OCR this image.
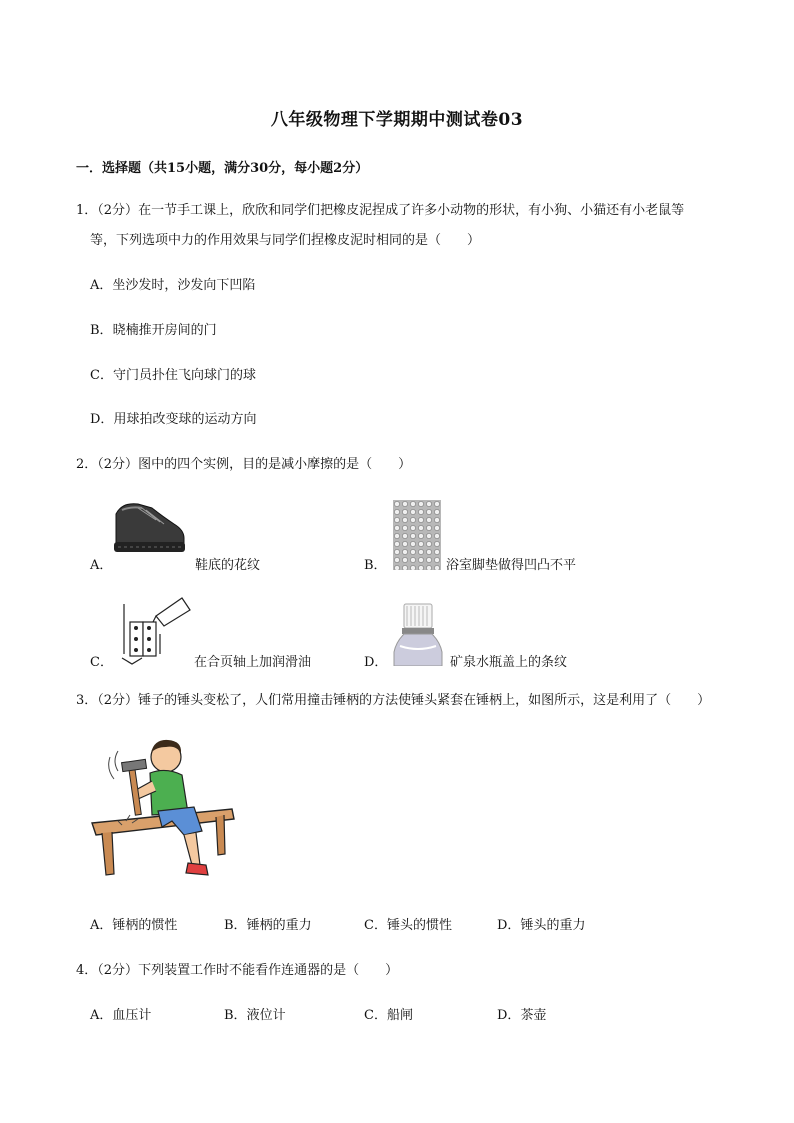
八年级物理下学期期中测试卷03
一．选择题（共15小题，满分30分，每小题2分）
1．（2分）在一节手工课上，欣欣和同学们把橡皮泥捏成了许多小动物的形状，有小狗、小猫还有小老鼠等
等，下列选项中力的作用效果与同学们捏橡皮泥时相同的是（　　）
A．坐沙发时，沙发向下凹陷
B．晓楠推开房间的门
C．守门员扑住飞向球门的球
D．用球拍改变球的运动方向
2．（2分）图中的四个实例，目的是减小摩擦的是（　　）
A．	鞋底的花纹	B．	浴室脚垫做得凹凸不平
C．	在合页轴上加润滑油	D．	矿泉水瓶盖上的条纹
3．（2分）锤子的锤头变松了，人们常用撞击锤柄的方法使锤头紧套在锤柄上，如图所示，这是利用了（　　）
A．锤柄的惯性	B．锤柄的重力	C．锤头的惯性	D．锤头的重力
4．（2分）下列装置工作时不能看作连通器的是（　　）
A．血压计	B．液位计	C．船闸	D．茶壶
